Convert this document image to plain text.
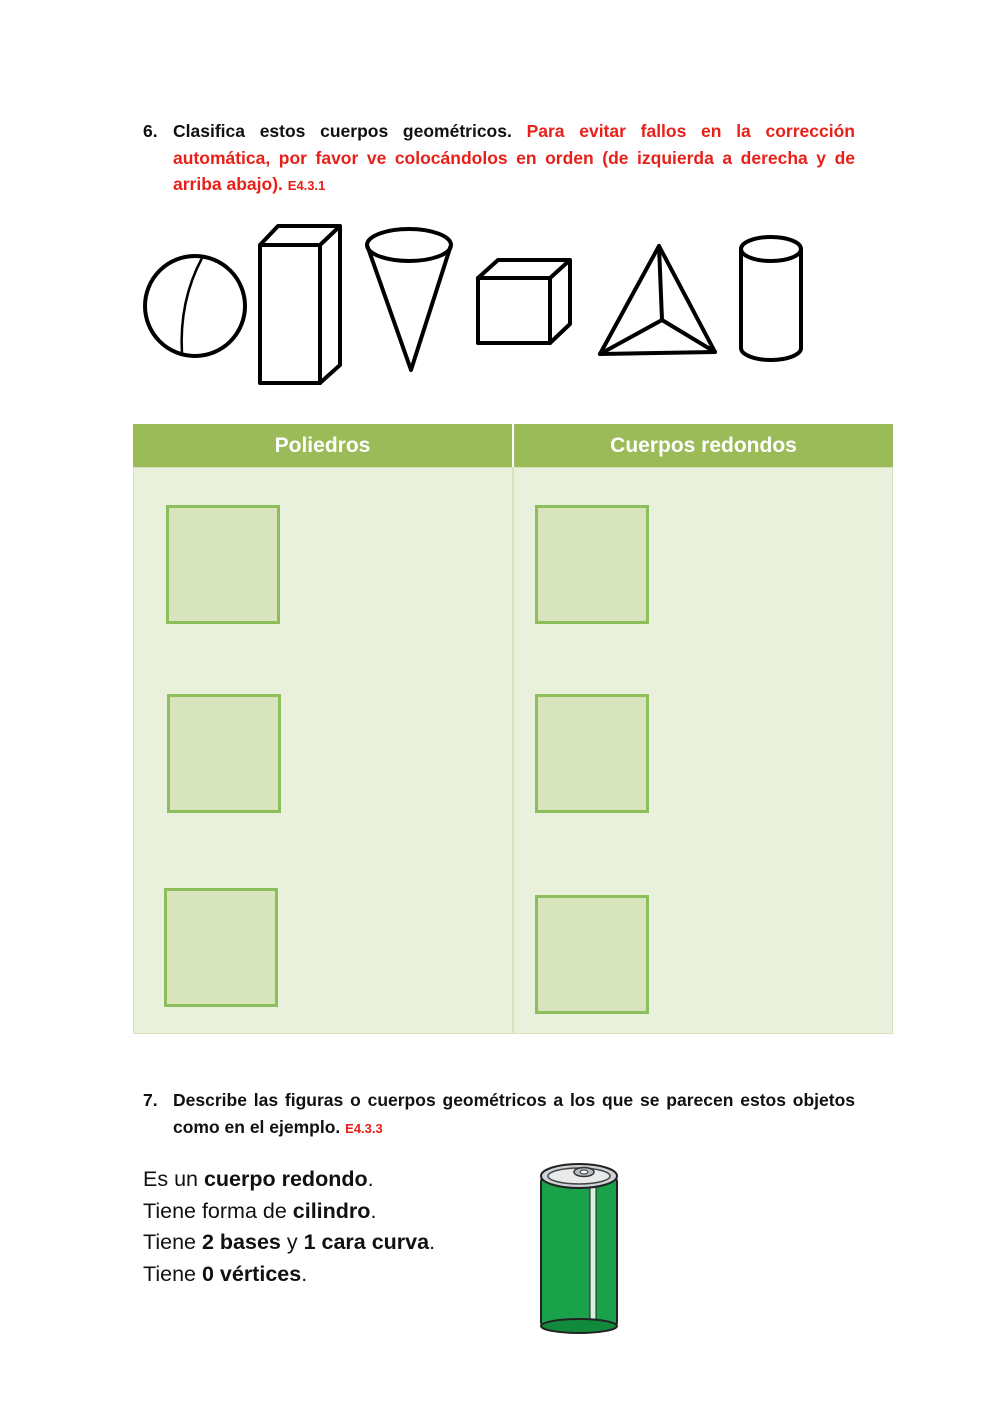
6. Clasifica estos cuerpos geométricos. Para evitar fallos en la corrección automática, por favor ve colocándolos en orden (de izquierda a derecha y de arriba abajo). E4.3.1
Poliedros	Cuerpos redondos
7. Describe las figuras o cuerpos geométricos a los que se parecen estos objetos como en el ejemplo. E4.3.3
Es un cuerpo redondo.
Tiene forma de cilindro.
Tiene 2 bases y 1 cara curva.
Tiene 0 vértices.
